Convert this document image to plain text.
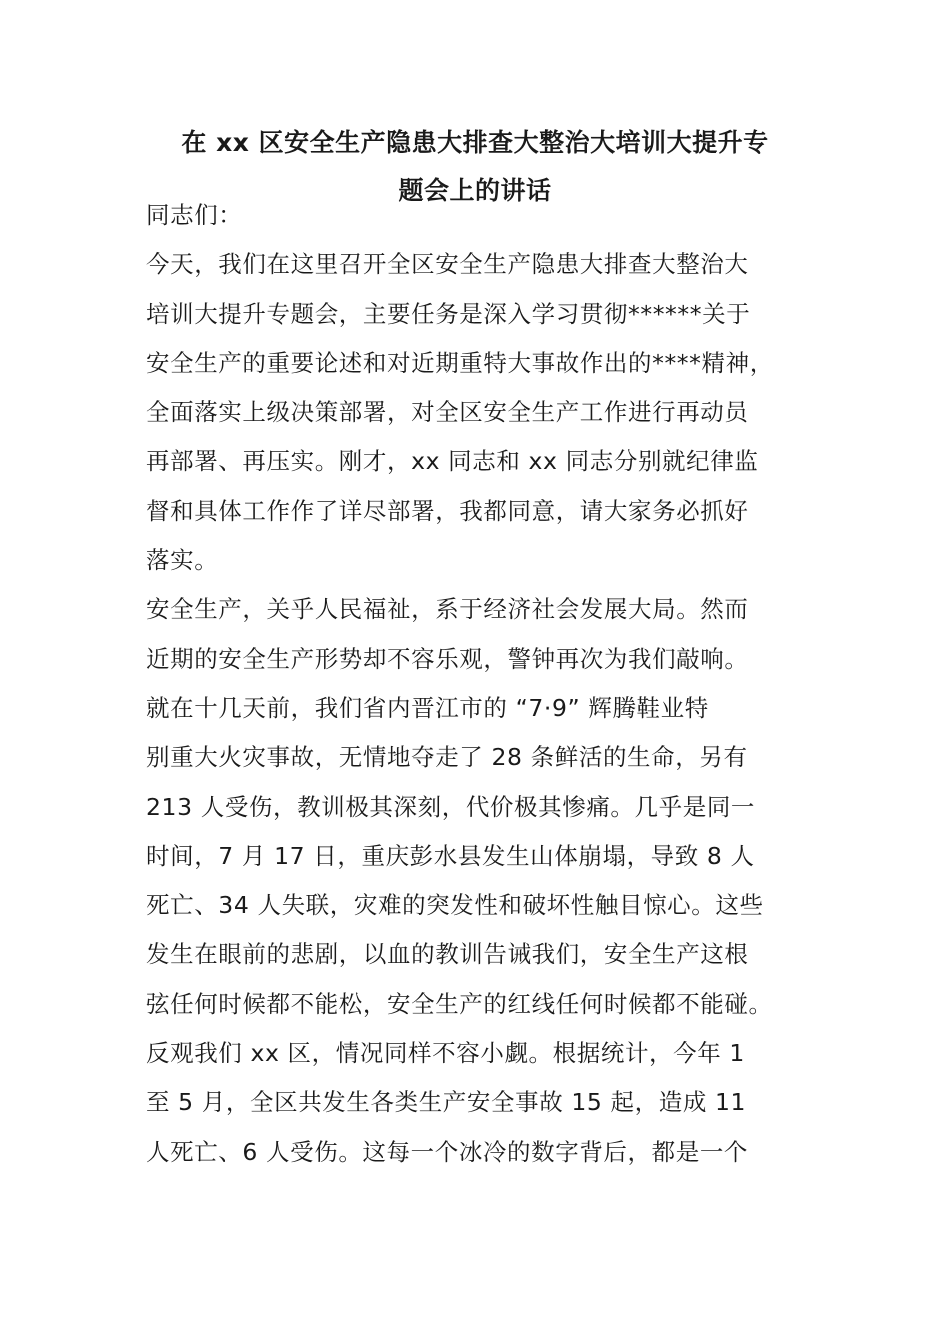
在 xx 区安全生产隐患大排查大整治大培训大提升专
题会上的讲话
同志们：
今天，我们在这里召开全区安全生产隐患大排查大整治大
培训大提升专题会，主要任务是深入学习贯彻******关于
安全生产的重要论述和对近期重特大事故作出的****精神，
全面落实上级决策部署，对全区安全生产工作进行再动员
再部署、再压实。刚才，xx 同志和 xx 同志分别就纪律监
督和具体工作作了详尽部署，我都同意，请大家务必抓好
落实。
安全生产，关乎人民福祉，系于经济社会发展大局。然而
近期的安全生产形势却不容乐观，警钟再次为我们敲响。
就在十几天前，我们省内晋江市的 “7·9” 辉腾鞋业特
别重大火灾事故，无情地夺走了 28 条鲜活的生命，另有
213 人受伤，教训极其深刻，代价极其惨痛。几乎是同一
时间，7 月 17 日，重庆彭水县发生山体崩塌，导致 8 人
死亡、34 人失联，灾难的突发性和破坏性触目惊心。这些
发生在眼前的悲剧，以血的教训告诫我们，安全生产这根
弦任何时候都不能松，安全生产的红线任何时候都不能碰。
反观我们 xx 区，情况同样不容小觑。根据统计，今年 1
至 5 月，全区共发生各类生产安全事故 15 起，造成 11
人死亡、6 人受伤。这每一个冰冷的数字背后，都是一个
